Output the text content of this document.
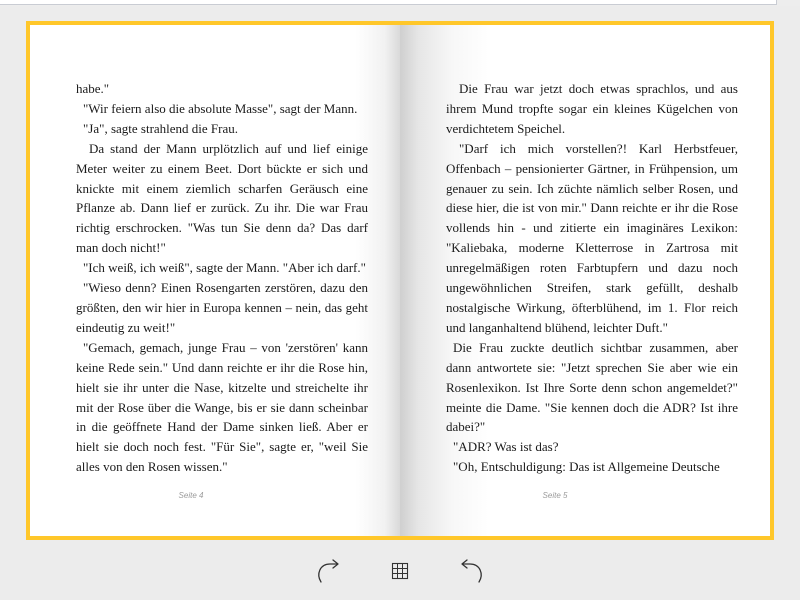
habe."

"Wir feiern also die absolute Masse", sagt der Mann.

"Ja", sagte strahlend die Frau.

Da stand der Mann urplötzlich auf und lief einige Meter weiter zu einem Beet. Dort bückte er sich und knickte mit einem ziemlich scharfen Geräusch eine Pflanze ab. Dann lief er zurück. Zu ihr. Die war Frau richtig erschrocken. "Was tun Sie denn da? Das darf man doch nicht!"

"Ich weiß, ich weiß", sagte der Mann. "Aber ich darf."

"Wieso denn? Einen Rosengarten zerstören, dazu den größten, den wir hier in Europa kennen – nein, das geht eindeutig zu weit!"

"Gemach, gemach, junge Frau – von 'zerstören' kann keine Rede sein." Und dann reichte er ihr die Rose hin, hielt sie ihr unter die Nase, kitzelte und streichelte ihr mit der Rose über die Wange, bis er sie dann scheinbar in die geöffnete Hand der Dame sinken ließ. Aber er hielt sie doch noch fest. "Für Sie", sagte er, "weil Sie alles von den Rosen wissen."

Seite 4

Die Frau war jetzt doch etwas sprachlos, und aus ihrem Mund tropfte sogar ein kleines Kügelchen von verdichtetem Speichel.

"Darf ich mich vorstellen?! Karl Herbstfeuer, Offenbach – pensionierter Gärtner, in Frühpension, um genauer zu sein. Ich züchte nämlich selber Rosen, und diese hier, die ist von mir." Dann reichte er ihr die Rose vollends hin - und zitierte ein imaginäres Lexikon: "Kaliebaka, moderne Kletterrose in Zartrosa mit unregelmäßigen roten Farbtupfern und dazu noch ungewöhnlichen Streifen, stark gefüllt, deshalb nostalgische Wirkung, öfterblühend, im 1. Flor reich und langanhaltend blühend, leichter Duft."

Die Frau zuckte deutlich sichtbar zusammen, aber dann antwortete sie: "Jetzt sprechen Sie aber wie ein Rosenlexikon. Ist Ihre Sorte denn schon angemeldet?" meinte die Dame. "Sie kennen doch die ADR? Ist ihre dabei?"

"ADR? Was ist das?

"Oh, Entschuldigung: Das ist Allgemeine Deutsche

Seite 5
